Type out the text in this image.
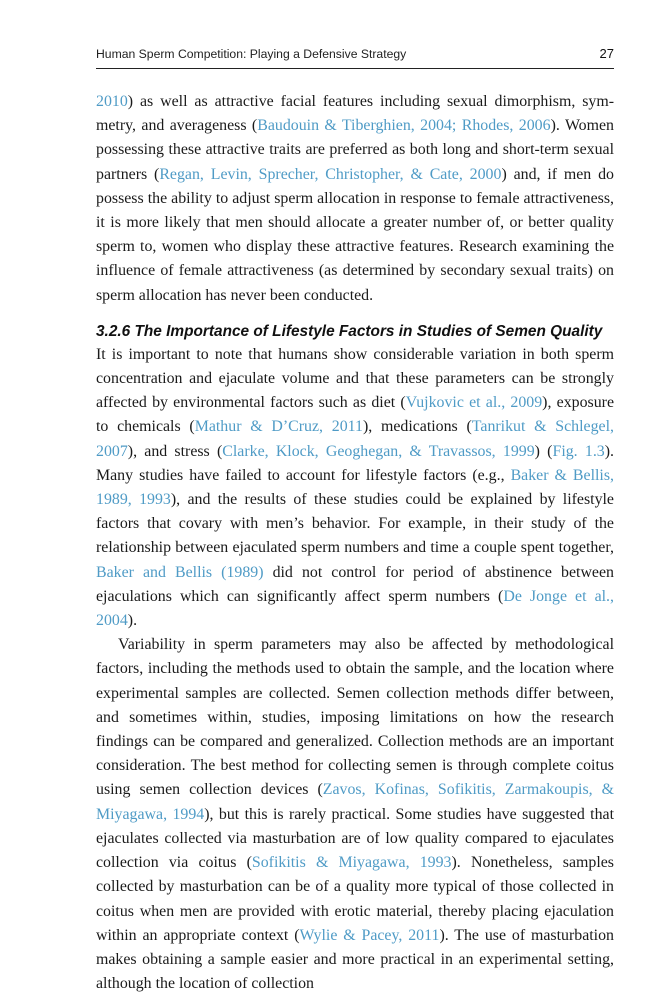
Human Sperm Competition: Playing a Defensive Strategy	27

2010) as well as attractive facial features including sexual dimorphism, symmetry, and averageness (Baudouin & Tiberghien, 2004; Rhodes, 2006). Women possessing these attractive traits are preferred as both long and short-term sexual partners (Regan, Levin, Sprecher, Christopher, & Cate, 2000) and, if men do possess the ability to adjust sperm allocation in response to female attractiveness, it is more likely that men should allocate a greater number of, or better quality sperm to, women who display these attractive features. Research examining the influence of female attractiveness (as determined by secondary sexual traits) on sperm allocation has never been conducted.

3.2.6 The Importance of Lifestyle Factors in Studies of Semen Quality

It is important to note that humans show considerable variation in both sperm concentration and ejaculate volume and that these parameters can be strongly affected by environmental factors such as diet (Vujkovic et al., 2009), exposure to chemicals (Mathur & D’Cruz, 2011), medications (Tanrikut & Schlegel, 2007), and stress (Clarke, Klock, Geoghegan, & Travassos, 1999) (Fig. 1.3). Many studies have failed to account for lifestyle factors (e.g., Baker & Bellis, 1989, 1993), and the results of these studies could be explained by lifestyle factors that covary with men’s behavior. For example, in their study of the relationship between ejaculated sperm numbers and time a couple spent together, Baker and Bellis (1989) did not control for period of abstinence between ejaculations which can significantly affect sperm numbers (De Jonge et al., 2004).

Variability in sperm parameters may also be affected by methodological factors, including the methods used to obtain the sample, and the location where experimental samples are collected. Semen collection methods differ between, and sometimes within, studies, imposing limitations on how the research findings can be compared and generalized. Collection methods are an important consideration. The best method for collecting semen is through complete coitus using semen collection devices (Zavos, Kofinas, Sofikitis, Zarmakoupis, & Miyagawa, 1994), but this is rarely practical. Some studies have suggested that ejaculates collected via masturbation are of low quality compared to ejaculates collection via coitus (Sofikitis & Miyagawa, 1993). Nonetheless, samples collected by masturbation can be of a quality more typical of those collected in coitus when men are provided with erotic material, thereby placing ejaculation within an appropriate context (Wylie & Pacey, 2011). The use of masturbation makes obtaining a sample easier and more practical in an experimental setting, although the location of collection
